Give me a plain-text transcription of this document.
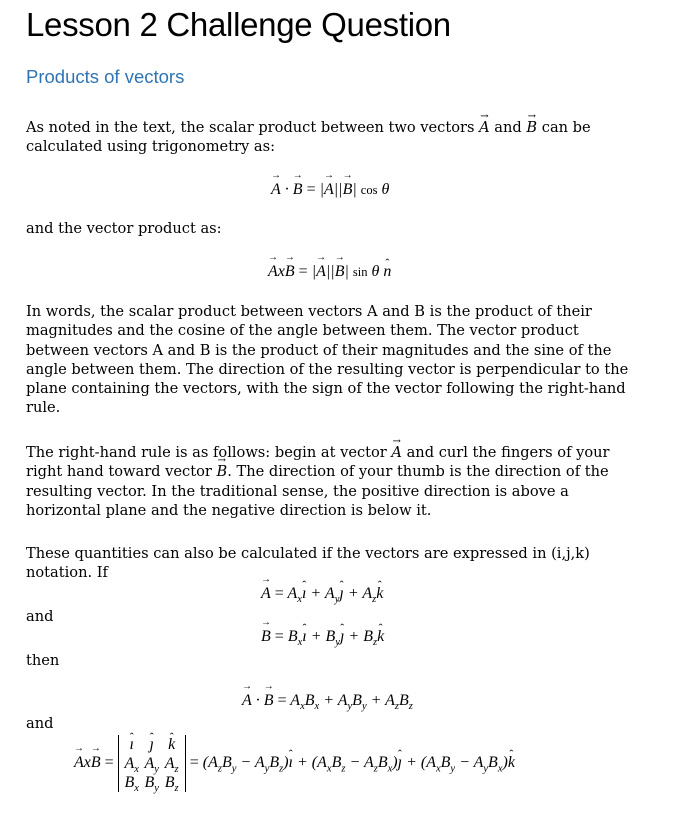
Lesson 2 Challenge Question
Products of vectors

As noted in the text, the scalar product between two vectors → A and → B can be calculated using trigonometry as:

→ A · → B = |→ A||→ B| cos θ
and the vector product as:
→ Ax→ B = |→ A||→ B| sin θ ˆ n

In words, the scalar product between vectors A and B is the product of their magnitudes and the cosine of the angle between them. The vector product between vectors A and B is the product of their magnitudes and the sine of the angle between them. The direction of the resulting vector is perpendicular to the plane containing the vectors, with the sign of the vector following the right-hand rule.

The right-hand rule is as follows: begin at vector → A and curl the fingers of your right hand toward vector → B. The direction of your thumb is the direction of the resulting vector. In the traditional sense, the positive direction is above a horizontal plane and the negative direction is below it.

These quantities can also be calculated if the vectors are expressed in (i,j,k) notation. If

→ $A = A_xˆ$ ı + $A_yˆ$ ȷ + $A_zˆ$ k
and
→ $B = B_xˆ$ ı + $B_yˆ$ ȷ + $B_zˆ$ k
then
→ A · → $B = A_xB_x + A_yB_y + A_zB_z$
and
→ Ax→ B =
ˆ ı ˆ ȷ ˆ k
$A_x$ $A_y$ $A_z$
$B_x$ $B_y$ $B_z$
= ($A_zB_y$ − $A_yB_z)ˆ$ ı + ($A_xB_z$ − $A_zB_x)ˆ$ ȷ + ($A_xB_y$ − $A_yB_x)ˆ$ k
